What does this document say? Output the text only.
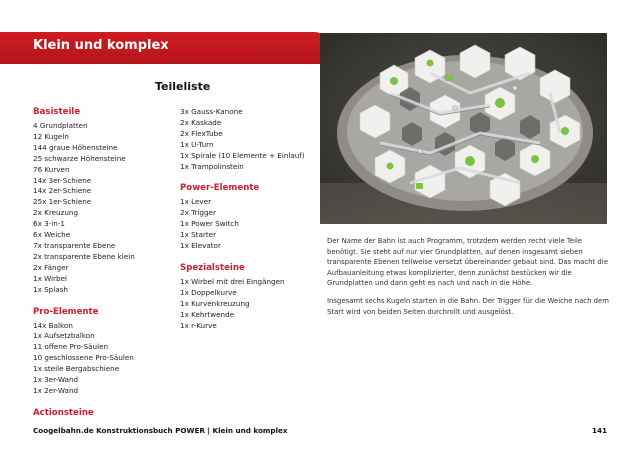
Klein und komplex
Teileliste
Basisteile
4 Grundplatten
12 Kugeln
144 graue Höhensteine
25 schwarze Höhensteine
76 Kurven
14x 3er-Schiene
14x 2er-Schiene
25x 1er-Schiene
2x Kreuzung
6x 3-in-1
6x Weiche
7x transparente Ebene
2x transparente Ebene klein
2x Fänger
1x Wirbel
1x Splash
Pro-Elemente
14x Balkon
1x Aufsetzbalkon
11 offene Pro-Säulen
10 geschlossene Pro-Säulen
1x steile Bergabschiene
1x 3er-Wand
1x 2er-Wand
Actionsteine
3x Gauss-Kanone
2x Kaskade
2x FlexTube
1x U-Turn
1x Spirale (10 Elemente + Einlauf)
1x Trampolinstein
Power-Elemente
1x Lever
2x Trigger
1x Power Switch
1x Starter
1x Elevator
Spezialsteine
1x Wirbel mit drei Eingängen
1x Doppelkurve
1x Kurvenkreuzung
1x Kehrtwende
1x r-Kurve

Der Name der Bahn ist auch Programm, trotzdem werden recht viele Teile benötigt. Sie steht auf nur vier Grundplatten, auf denen insgesamt sieben transparente Ebenen teilweise versetzt übereinander gebaut sind. Das macht die Aufbauanleitung etwas komplizierter, denn zunächst bestücken wir die Grundplatten und dann geht es nach und nach in die Höhe.

Insgesamt sechs Kugeln starten in die Bahn. Der Trigger für die Weiche nach dem Start wird von beiden Seiten durchrollt und ausgelöst.

Coogelbahn.de Konstruktionsbuch POWER | Klein und komplex	141
